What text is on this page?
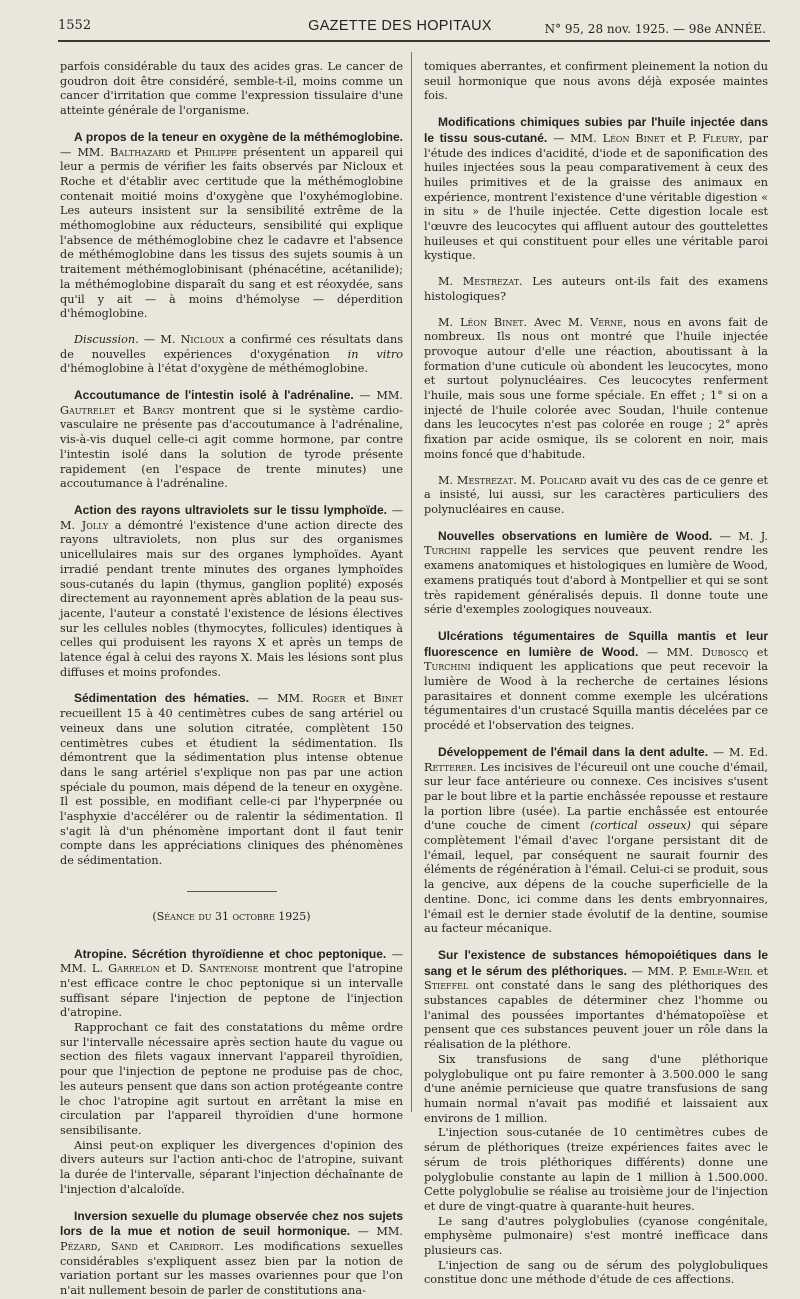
1552	GAZETTE DES HOPITAUX	N° 95, 28 nov. 1925. — 98e ANNÉE.

parfois considérable du taux des acides gras. Le cancer de goudron doit être considéré, semble-t-il, moins comme un cancer d'irritation que comme l'expression tissulaire d'une atteinte générale de l'organisme.

A propos de la teneur en oxygène de la méthémoglobine. — MM. Balthazard et Philippe présentent un appareil qui leur a permis de vérifier les faits observés par Nicloux et Roche et d'établir avec certitude que la méthémoglobine contenait moitié moins d'oxygène que l'oxyhémoglobine. Les auteurs insistent sur la sensibilité extrême de la méthomoglobine aux réducteurs, sensibilité qui explique l'absence de méthémoglobine chez le cadavre et l'absence de méthémoglobine dans les tissus des sujets soumis à un traitement méthémoglobinisant (phénacétine, acétanilide); la méthémoglobine disparaît du sang et est réoxydée, sans qu'il y ait — à moins d'hémolyse — déperdition d'hémoglobine.

Discussion. — M. Nicloux a confirmé ces résultats dans de nouvelles expériences d'oxygénation in vitro d'hémoglobine à l'état d'oxygène de méthémoglobine.

Accoutumance de l'intestin isolé à l'adrénaline. — MM. Gautrelet et Bargy montrent que si le système cardio-vasculaire ne présente pas d'accoutumance à l'adrénaline, vis-à-vis duquel celle-ci agit comme hormone, par contre l'intestin isolé dans la solution de tyrode présente rapidement (en l'espace de trente minutes) une accoutumance à l'adrénaline.

Action des rayons ultraviolets sur le tissu lymphoïde. — M. Jolly a démontré l'existence d'une action directe des rayons ultraviolets, non plus sur des organismes unicellulaires mais sur des organes lymphoïdes. Ayant irradié pendant trente minutes des organes lymphoïdes sous-cutanés du lapin (thymus, ganglion poplité) exposés directement au rayonnement après ablation de la peau sus-jacente, l'auteur a constaté l'existence de lésions électives sur les cellules nobles (thymocytes, follicules) identiques à celles qui produisent les rayons X et après un temps de latence égal à celui des rayons X. Mais les lésions sont plus diffuses et moins profondes.

Sédimentation des hématies. — MM. Roger et Binet recueillent 15 à 40 centimètres cubes de sang artériel ou veineux dans une solution citratée, complètent 150 centimètres cubes et étudient la sédimentation. Ils démontrent que la sédimentation plus intense obtenue dans le sang artériel s'explique non pas par une action spéciale du poumon, mais dépend de la teneur en oxygène. Il est possible, en modifiant celle-ci par l'hyperpnée ou l'asphyxie d'accélérer ou de ralentir la sédimentation. Il s'agit là d'un phénomène important dont il faut tenir compte dans les appréciations cliniques des phénomènes de sédimentation.

(Séance du 31 octobre 1925)

Atropine. Sécrétion thyroïdienne et choc peptonique. — MM. L. Garrelon et D. Santenoise montrent que l'atropine n'est efficace contre le choc peptonique si un intervalle suffisant sépare l'injection de peptone de l'injection d'atropine.

Rapprochant ce fait des constatations du même ordre sur l'intervalle nécessaire après section haute du vague ou section des filets vagaux innervant l'appareil thyroïdien, pour que l'injection de peptone ne produise pas de choc, les auteurs pensent que dans son action protégeante contre le choc l'atropine agit surtout en arrêtant la mise en circulation par l'appareil thyroïdien d'une hormone sensibilisante.

Ainsi peut-on expliquer les divergences d'opinion des divers auteurs sur l'action anti-choc de l'atropine, suivant la durée de l'intervalle, séparant l'injection déchaînante de l'injection d'alcaloïde.

Inversion sexuelle du plumage observée chez nos sujets lors de la mue et notion de seuil hormonique. — MM. Pézard, Sand et Caridroit. Les modifications sexuelles considérables s'expliquent assez bien par la notion de variation portant sur les masses ovariennes pour que l'on n'ait nullement besoin de parler de constitutions ana-

tomiques aberrantes, et confirment pleinement la notion du seuil hormonique que nous avons déjà exposée maintes fois.

Modifications chimiques subies par l'huile injectée dans le tissu sous-cutané. — MM. Léon Binet et P. Fleury, par l'étude des indices d'acidité, d'iode et de saponification des huiles injectées sous la peau comparativement à ceux des huiles primitives et de la graisse des animaux en expérience, montrent l'existence d'une véritable digestion « in situ » de l'huile injectée. Cette digestion locale est l'œuvre des leucocytes qui affluent autour des gouttelettes huileuses et qui constituent pour elles une véritable paroi kystique.

M. Mestrezat. Les auteurs ont-ils fait des examens histologiques?

M. Léon Binet. Avec M. Verne, nous en avons fait de nombreux. Ils nous ont montré que l'huile injectée provoque autour d'elle une réaction, aboutissant à la formation d'une cuticule où abondent les leucocytes, mono et surtout polynucléaires. Ces leucocytes renferment l'huile, mais sous une forme spéciale. En effet ; 1° si on a injecté de l'huile colorée avec Soudan, l'huile contenue dans les leucocytes n'est pas colorée en rouge ; 2° après fixation par acide osmique, ils se colorent en noir, mais moins foncé que d'habitude.

M. Mestrezat. M. Policard avait vu des cas de ce genre et a insisté, lui aussi, sur les caractères particuliers des polynucléaires en cause.

Nouvelles observations en lumière de Wood. — M. J. Turchini rappelle les services que peuvent rendre les examens anatomiques et histologiques en lumière de Wood, examens pratiqués tout d'abord à Montpellier et qui se sont très rapidement généralisés depuis. Il donne toute une série d'exemples zoologiques nouveaux.

Ulcérations tégumentaires de Squilla mantis et leur fluorescence en lumière de Wood. — MM. Duboscq et Turchini indiquent les applications que peut recevoir la lumière de Wood à la recherche de certaines lésions parasitaires et donnent comme exemple les ulcérations tégumentaires d'un crustacé Squilla mantis décelées par ce procédé et l'observation des teignes.

Développement de l'émail dans la dent adulte. — M. Ed. Retterer. Les incisives de l'écureuil ont une couche d'émail, sur leur face antérieure ou connexe. Ces incisives s'usent par le bout libre et la partie enchâssée repousse et restaure la portion libre (usée). La partie enchâssée est entourée d'une couche de ciment (cortical osseux) qui sépare complètement l'émail d'avec l'organe persistant dit de l'émail, lequel, par conséquent ne saurait fournir des éléments de régénération à l'émail. Celui-ci se produit, sous la gencive, aux dépens de la couche superficielle de la dentine. Donc, ici comme dans les dents embryonnaires, l'émail est le dernier stade évolutif de la dentine, soumise au facteur mécanique.

Sur l'existence de substances hémopoiétiques dans le sang et le sérum des pléthoriques. — MM. P. Emile-Weil et Stieffel ont constaté dans le sang des pléthoriques des substances capables de déterminer chez l'homme ou l'animal des poussées importantes d'hématopoïèse et pensent que ces substances peuvent jouer un rôle dans la réalisation de la pléthore.

Six transfusions de sang d'une pléthorique polyglobulique ont pu faire remonter à 3.500.000 le sang d'une anémie pernicieuse que quatre transfusions de sang humain normal n'avait pas modifié et laissaient aux environs de 1 million.

L'injection sous-cutanée de 10 centimètres cubes de sérum de pléthoriques (treize expériences faites avec le sérum de trois pléthoriques différents) donne une polyglobulie constante au lapin de 1 million à 1.500.000. Cette polyglobulie se réalise au troisième jour de l'injection et dure de vingt-quatre à quarante-huit heures.

Le sang d'autres polyglobulies (cyanose congénitale, emphysème pulmonaire) s'est montré inefficace dans plusieurs cas.

L'injection de sang ou de sérum des polyglobuliques constitue donc une méthode d'étude de ces affections.
